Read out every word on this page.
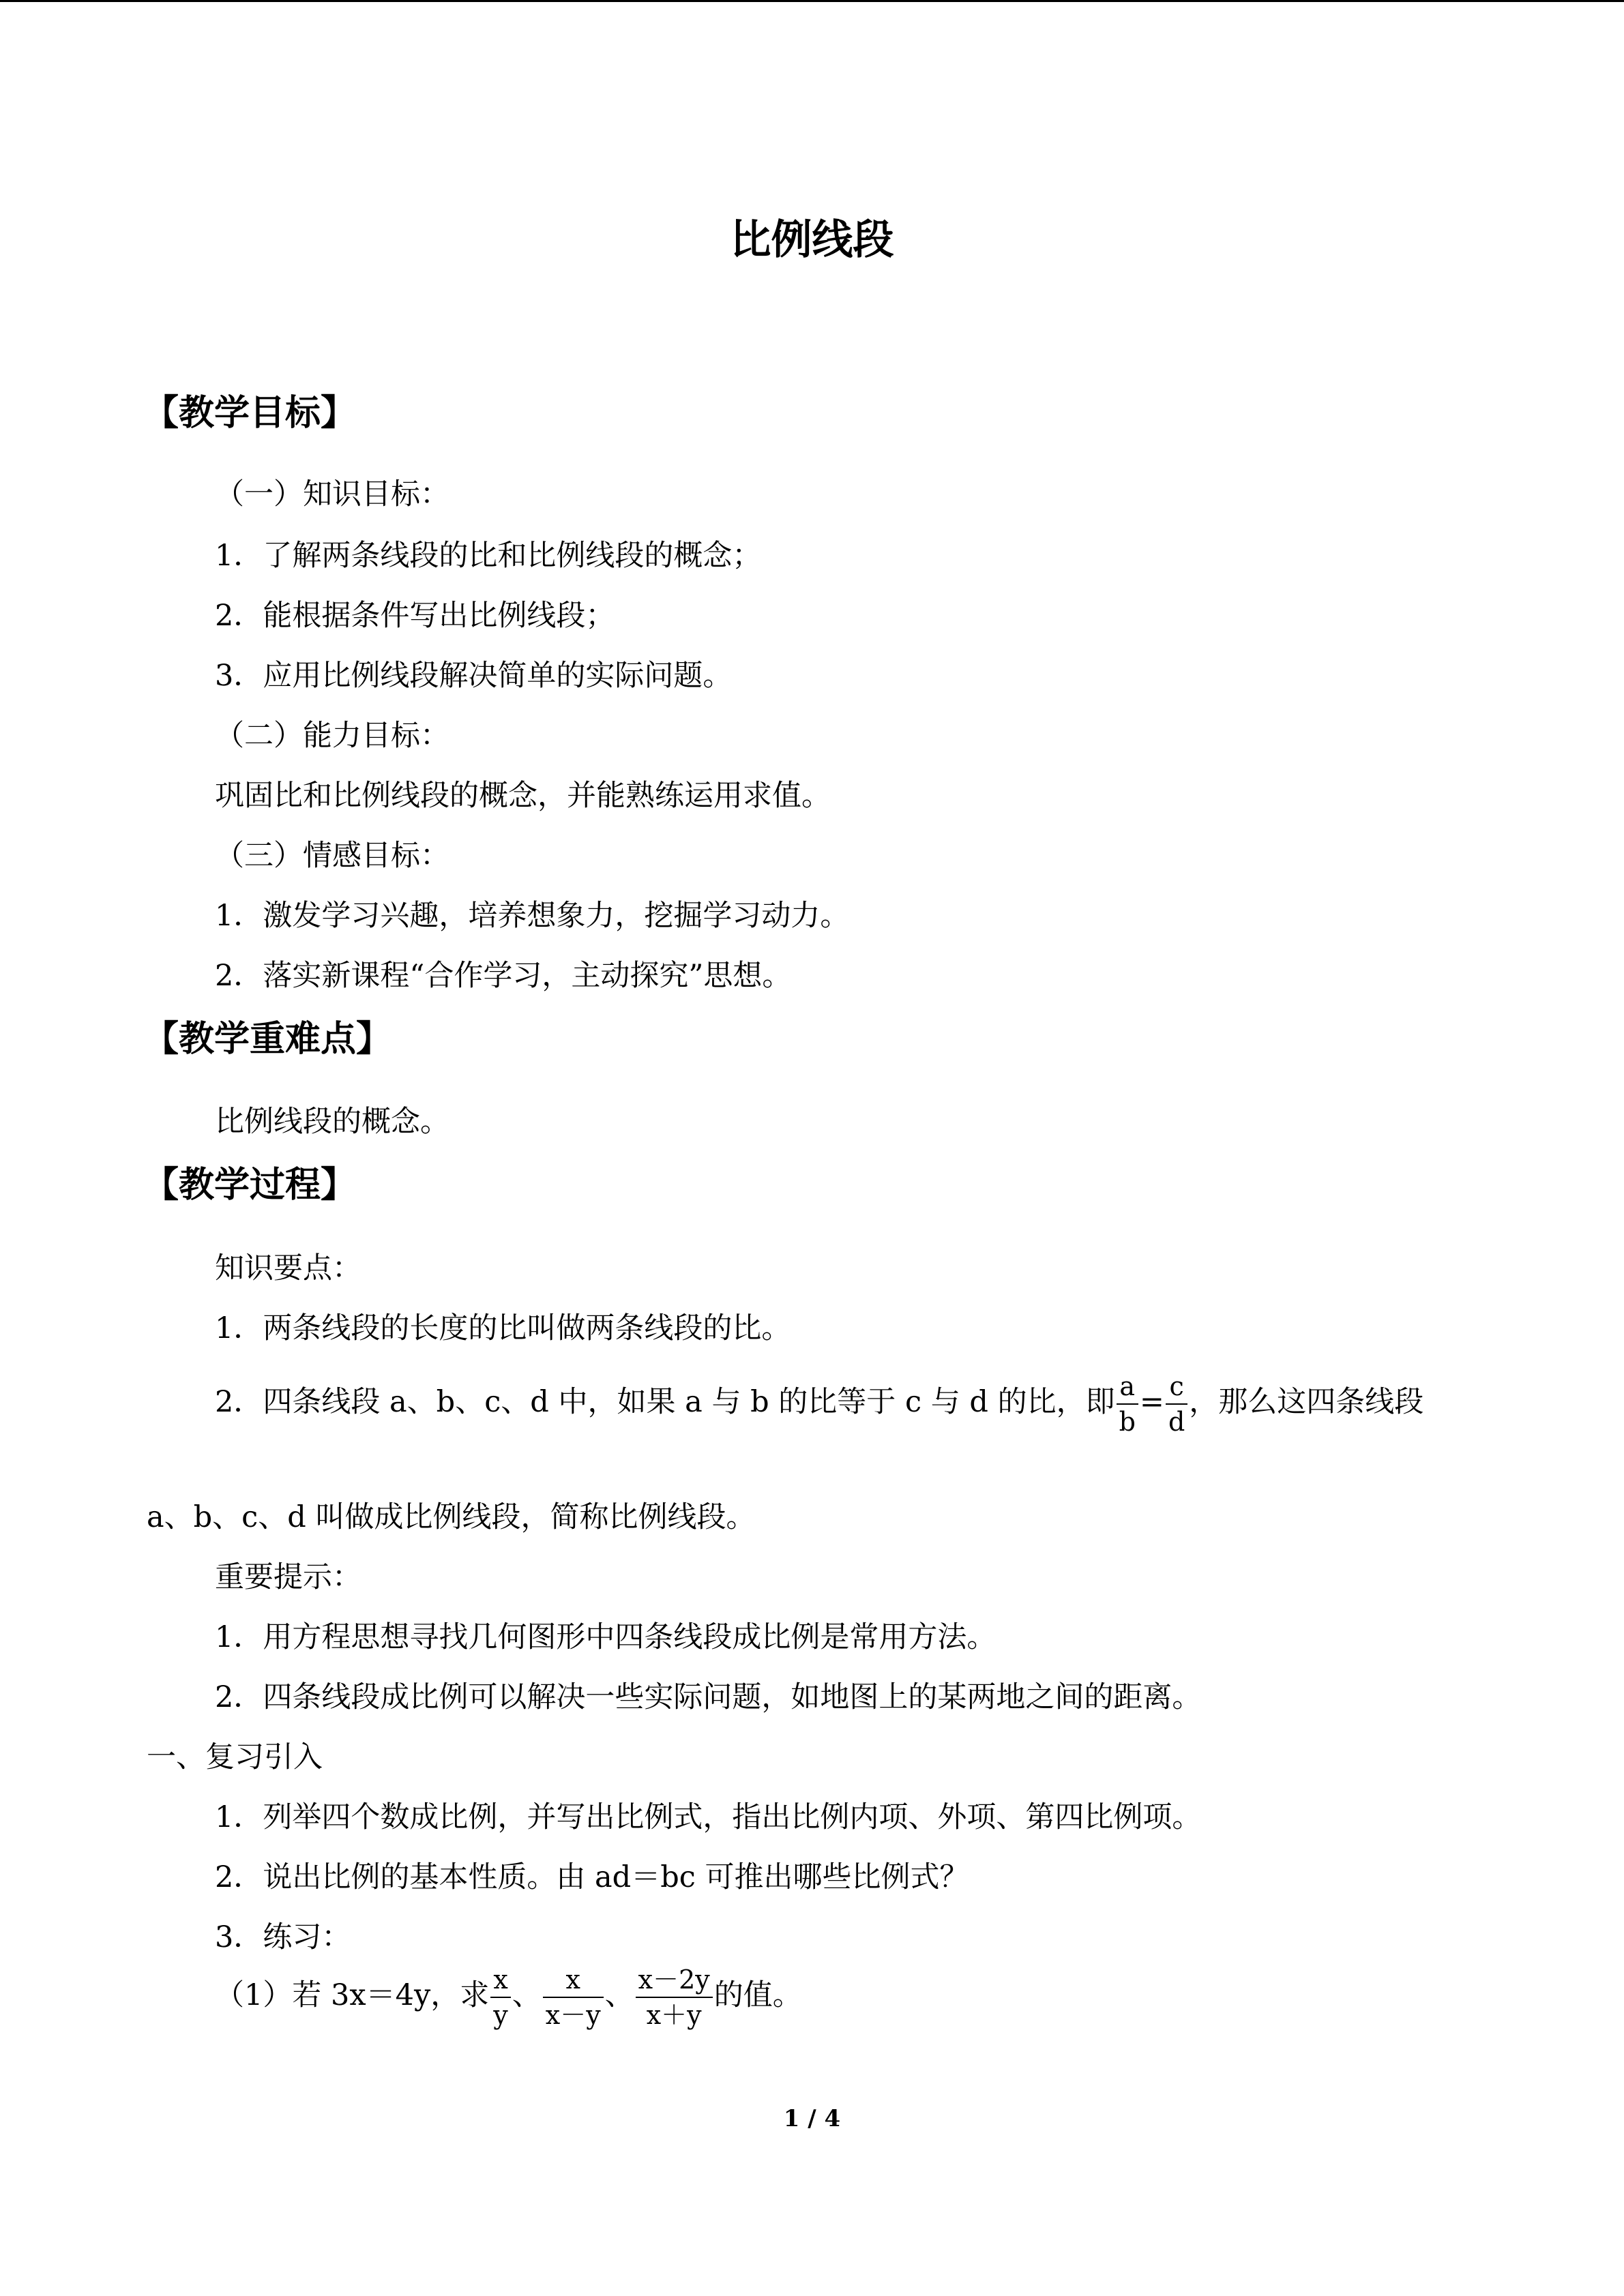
比例线段
【教学目标】
（一）知识目标：
1．了解两条线段的比和比例线段的概念；
2．能根据条件写出比例线段；
3．应用比例线段解决简单的实际问题。
（二）能力目标：
巩固比和比例线段的概念，并能熟练运用求值。
（三）情感目标：
1．激发学习兴趣，培养想象力，挖掘学习动力。
2．落实新课程“合作学习，主动探究”思想。
【教学重难点】
比例线段的概念。
【教学过程】
知识要点：
1．两条线段的长度的比叫做两条线段的比。
2．四条线段 a、b、c、d 中，如果 a 与 b 的比等于 c 与 d 的比，即 $\frac{a}{b} = \frac{c}{d}$ ，那么这四条线段
a、b、c、d 叫做成比例线段，简称比例线段。
重要提示：
1．用方程思想寻找几何图形中四条线段成比例是常用方法。
2．四条线段成比例可以解决一些实际问题，如地图上的某两地之间的距离。
一、复习引入
1．列举四个数成比例，并写出比例式，指出比例内项、外项、第四比例项。
2．说出比例的基本性质。由 ad＝bc 可推出哪些比例式？
3．练习：
（1）若 3x＝4y，求 $\frac{x}{y}$ 、 $\frac{x}{x-y}$ 、 $\frac{x-2y}{x+y}$ 的值。
1 / 4
